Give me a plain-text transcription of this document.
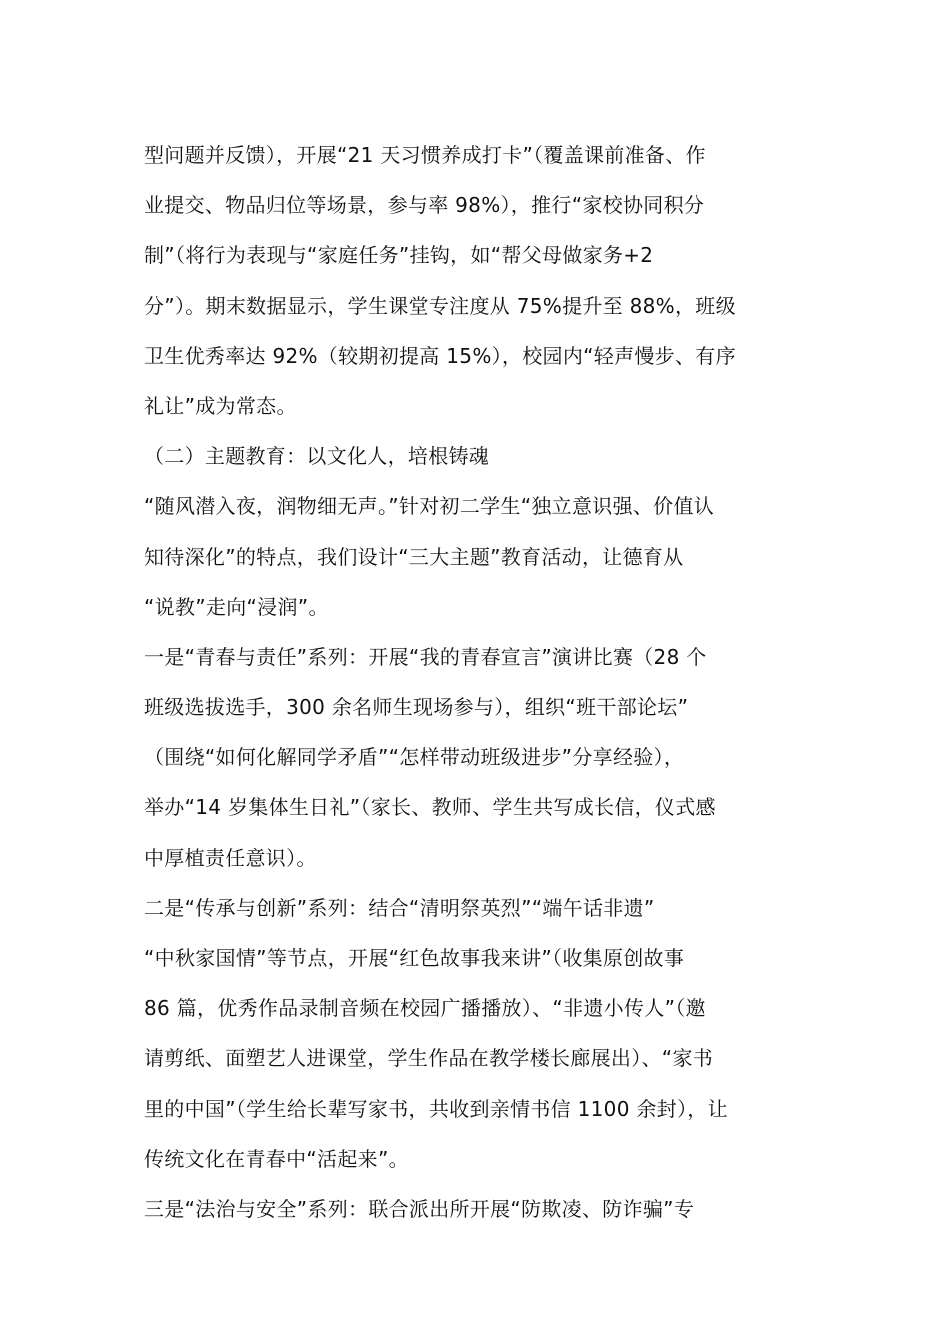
型问题并反馈），开展“21 天习惯养成打卡”（覆盖课前准备、作
业提交、物品归位等场景，参与率 98%），推行“家校协同积分
制”（将行为表现与“家庭任务”挂钩，如“帮父母做家务+2
分”）。期末数据显示，学生课堂专注度从 75%提升至 88%，班级
卫生优秀率达 92%（较期初提高 15%），校园内“轻声慢步、有序
礼让”成为常态。
（二）主题教育：以文化人，培根铸魂
“随风潜入夜，润物细无声。”针对初二学生“独立意识强、价值认
知待深化”的特点，我们设计“三大主题”教育活动，让德育从
“说教”走向“浸润”。
一是“青春与责任”系列：开展“我的青春宣言”演讲比赛（28 个
班级选拔选手，300 余名师生现场参与），组织“班干部论坛”
（围绕“如何化解同学矛盾”“怎样带动班级进步”分享经验），
举办“14 岁集体生日礼”（家长、教师、学生共写成长信，仪式感
中厚植责任意识）。
二是“传承与创新”系列：结合“清明祭英烈”“端午话非遗”
“中秋家国情”等节点，开展“红色故事我来讲”（收集原创故事
86 篇，优秀作品录制音频在校园广播播放）、“非遗小传人”（邀
请剪纸、面塑艺人进课堂，学生作品在教学楼长廊展出）、“家书
里的中国”（学生给长辈写家书，共收到亲情书信 1100 余封），让
传统文化在青春中“活起来”。
三是“法治与安全”系列：联合派出所开展“防欺凌、防诈骗”专
